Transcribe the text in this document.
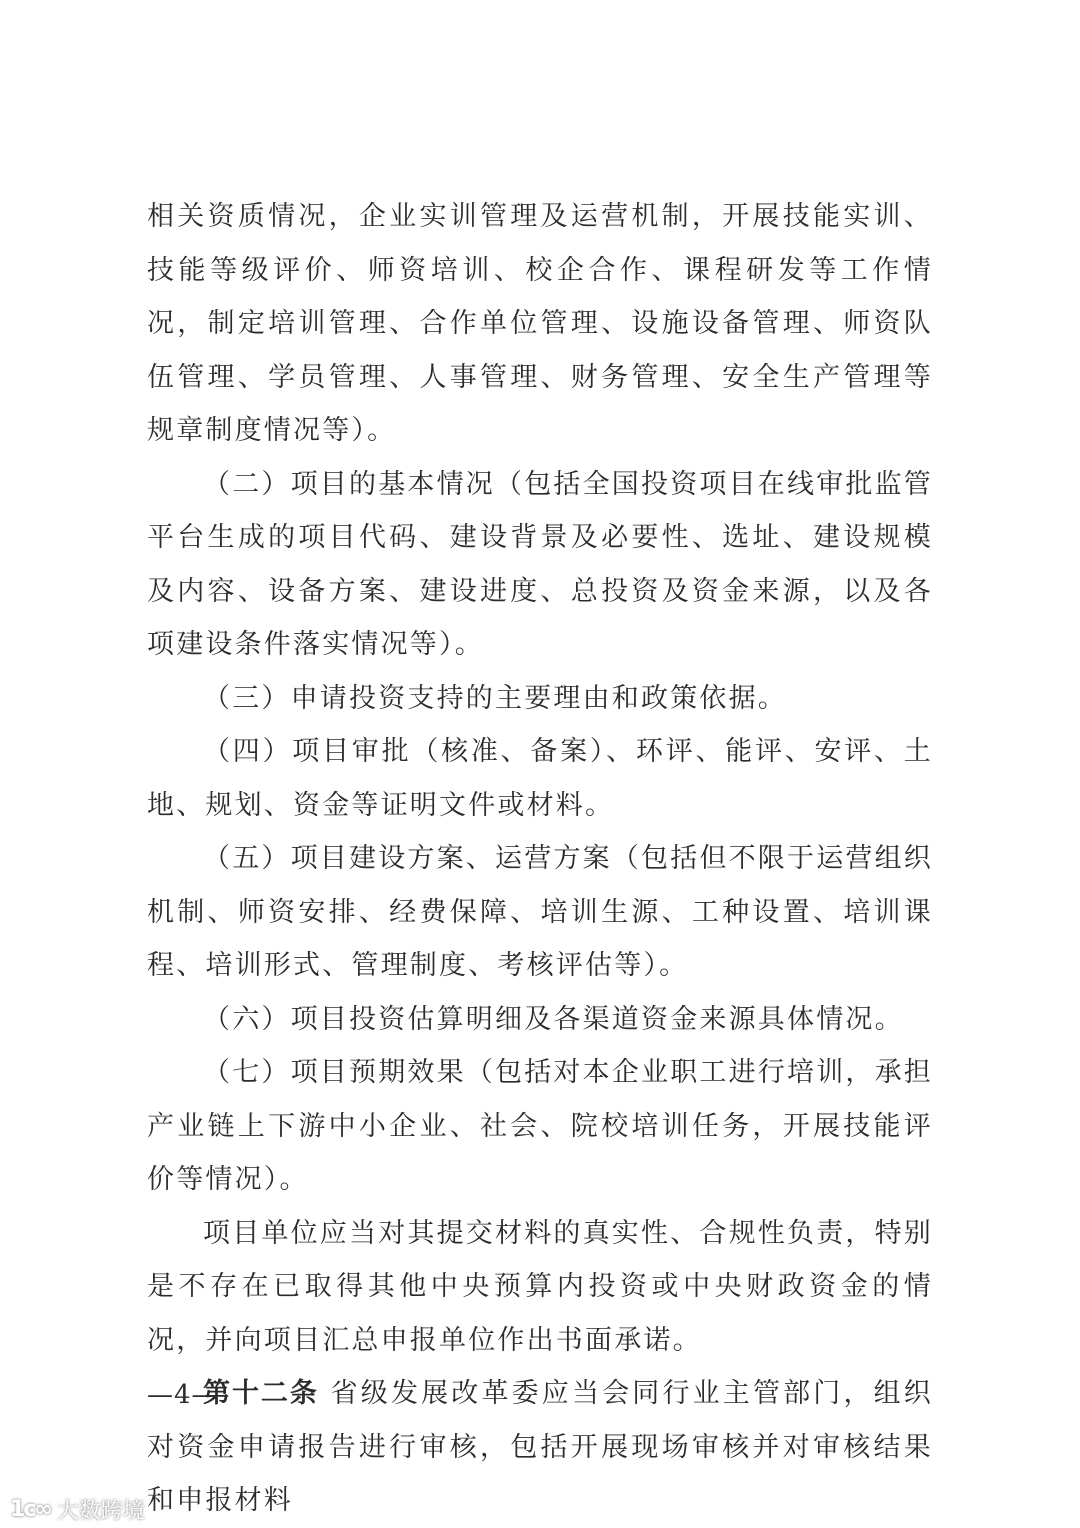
相关资质情况，企业实训管理及运营机制，开展技能实训、技能等级评价、师资培训、校企合作、课程研发等工作情况，制定培训管理、合作单位管理、设施设备管理、师资队伍管理、学员管理、人事管理、财务管理、安全生产管理等规章制度情况等）。

（二）项目的基本情况（包括全国投资项目在线审批监管平台生成的项目代码、建设背景及必要性、选址、建设规模及内容、设备方案、建设进度、总投资及资金来源，以及各项建设条件落实情况等）。

（三）申请投资支持的主要理由和政策依据。

（四）项目审批（核准、备案）、环评、能评、安评、土地、规划、资金等证明文件或材料。

（五）项目建设方案、运营方案（包括但不限于运营组织机制、师资安排、经费保障、培训生源、工种设置、培训课程、培训形式、管理制度、考核评估等）。

（六）项目投资估算明细及各渠道资金来源具体情况。

（七）项目预期效果（包括对本企业职工进行培训，承担产业链上下游中小企业、社会、院校培训任务，开展技能评价等情况）。

项目单位应当对其提交材料的真实性、合规性负责，特别是不存在已取得其他中央预算内投资或中央财政资金的情况，并向项目汇总申报单位作出书面承诺。

第十二条 省级发展改革委应当会同行业主管部门，组织对资金申请报告进行审核，包括开展现场审核并对审核结果和申报材料

—4—
1c∞ 大数跨境
